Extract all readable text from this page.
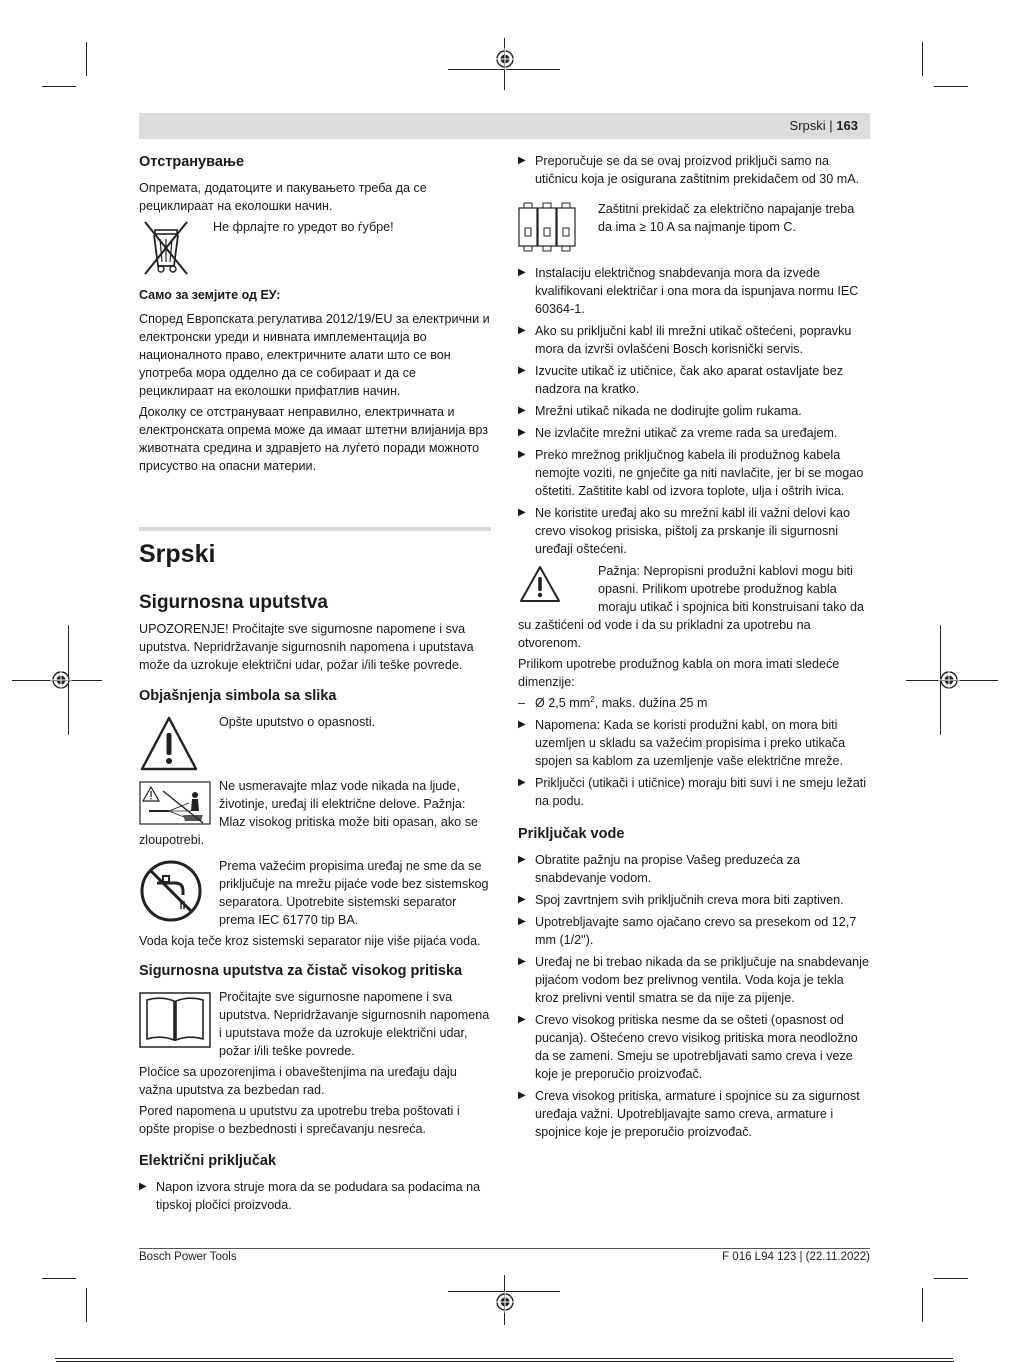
Srpski | 163
Отстранување

Опремата, додатоците и пакувањето треба да се рециклираат на еколошки начин.

Не фрлајте го уредот во ѓубре!
Само за земјите од ЕУ:

Според Европската регулатива 2012/19/EU за електрични и електронски уреди и нивната имплементација во националното право, електричните алати што се вон употреба мора одделно да се собираат и да се рециклираат на еколошки прифатлив начин.

Доколку се отстрануваат неправилно, електричната и електронската опрема може да имаат штетни влијанија врз животната средина и здравјето на луѓето поради можното присуство на опасни материи.

Srpski
Sigurnosna uputstva

UPOZORENJE! Pročitajte sve sigurnosne napomene i sva uputstva. Nepridržavanje sigurnosnih napomena i uputstava može da uzrokuje električni udar, požar i/ili teške povrede.

Objašnjenja simbola sa slika
Opšte uputstvo o opasnosti.
Ne usmeravajte mlaz vode nikada na ljude, životinje, uređaj ili električne delove. Pažnja: Mlaz visokog pritiska može biti opasan, ako se zloupotrebi.
Prema važećim propisima uređaj ne sme da se priključuje na mrežu pijaće vode bez sistemskog separatora. Upotrebite sistemski separator prema IEC 61770 tip BA.

Voda koja teče kroz sistemski separator nije više pijaća voda.

Sigurnosna uputstva za čistač visokog pritiska
Pročitajte sve sigurnosne napomene i sva uputstva. Nepridržavanje sigurnosnih napomena i uputstava može da uzrokuje električni udar, požar i/ili teške povrede.

Pločice sa upozorenjima i obaveštenjima na uređaju daju važna uputstva za bezbedan rad.

Pored napomena u uputstvu za upotrebu treba poštovati i opšte propise o bezbednosti i sprečavanju nesreća.

Električni priključak
▶ Napon izvora struje mora da se podudara sa podacima na tipskoj pločici proizvoda.
▶ Preporučuje se da se ovaj proizvod priključi samo na utičnicu koja je osigurana zaštitnim prekidačem od 30 mA.
Zaštitni prekidač za električno napajanje treba da ima ≥ 10 A sa najmanje tipom C.
▶ Instalaciju električnog snabdevanja mora da izvede kvalifikovani električar i ona mora da ispunjava normu IEC 60364-1.
▶ Ako su priključni kabl ili mrežni utikač oštećeni, popravku mora da izvrši ovlašćeni Bosch korisnički servis.
▶ Izvucite utikač iz utičnice, čak ako aparat ostavljate bez nadzora na kratko.
▶ Mrežni utikač nikada ne dodirujte golim rukama.
▶ Ne izvlačite mrežni utikač za vreme rada sa uređajem.
▶ Preko mrežnog priključnog kabela ili produžnog kabela nemojte voziti, ne gnječite ga niti navlačite, jer bi se mogao oštetiti. Zaštitite kabl od izvora toplote, ulja i oštrih ivica.
▶ Ne koristite uređaj ako su mrežni kabl ili važni delovi kao crevo visokog prisiska, pištolj za prskanje ili sigurnosni uređaji oštećeni.
Pažnja: Nepropisni produžni kablovi mogu biti opasni. Prilikom upotrebe produžnog kabla moraju utikač i spojnica biti konstruisani tako da su zaštićeni od vode i da su prikladni za upotrebu na otvorenom.

Prilikom upotrebe produžnog kabla on mora imati sledeće dimenzije:

– Ø 2,5 $mm^2$, maks. dužina 25 m
▶ Napomena: Kada se koristi produžni kabl, on mora biti uzemljen u skladu sa važećim propisima i preko utikača spojen sa kablom za uzemljenje vaše električne mreže.
▶ Priključci (utikači i utičnice) moraju biti suvi i ne smeju ležati na podu.
Priključak vode
▶ Obratite pažnju na propise Vašeg preduzeća za snabdevanje vodom.
▶ Spoj zavrtnjem svih priključnih creva mora biti zaptiven.
▶ Upotrebljavajte samo ojačano crevo sa presekom od 12,7 mm (1/2").
▶ Uređaj ne bi trebao nikada da se priključuje na snabdevanje pijaćom vodom bez prelivnog ventila. Voda koja je tekla kroz prelivni ventil smatra se da nije za pijenje.
▶ Crevo visokog pritiska nesme da se ošteti (opasnost od pucanja). Oštećeno crevo visikog pritiska mora neodložno da se zameni. Smeju se upotrebljavati samo creva i veze koje je preporučio proizvođač.
▶ Creva visokog pritiska, armature i spojnice su za sigurnost uređaja važni. Upotrebljavajte samo creva, armature i spojnice koje je preporučio proizvođač.
Bosch Power Tools	F 016 L94 123 | (22.11.2022)
